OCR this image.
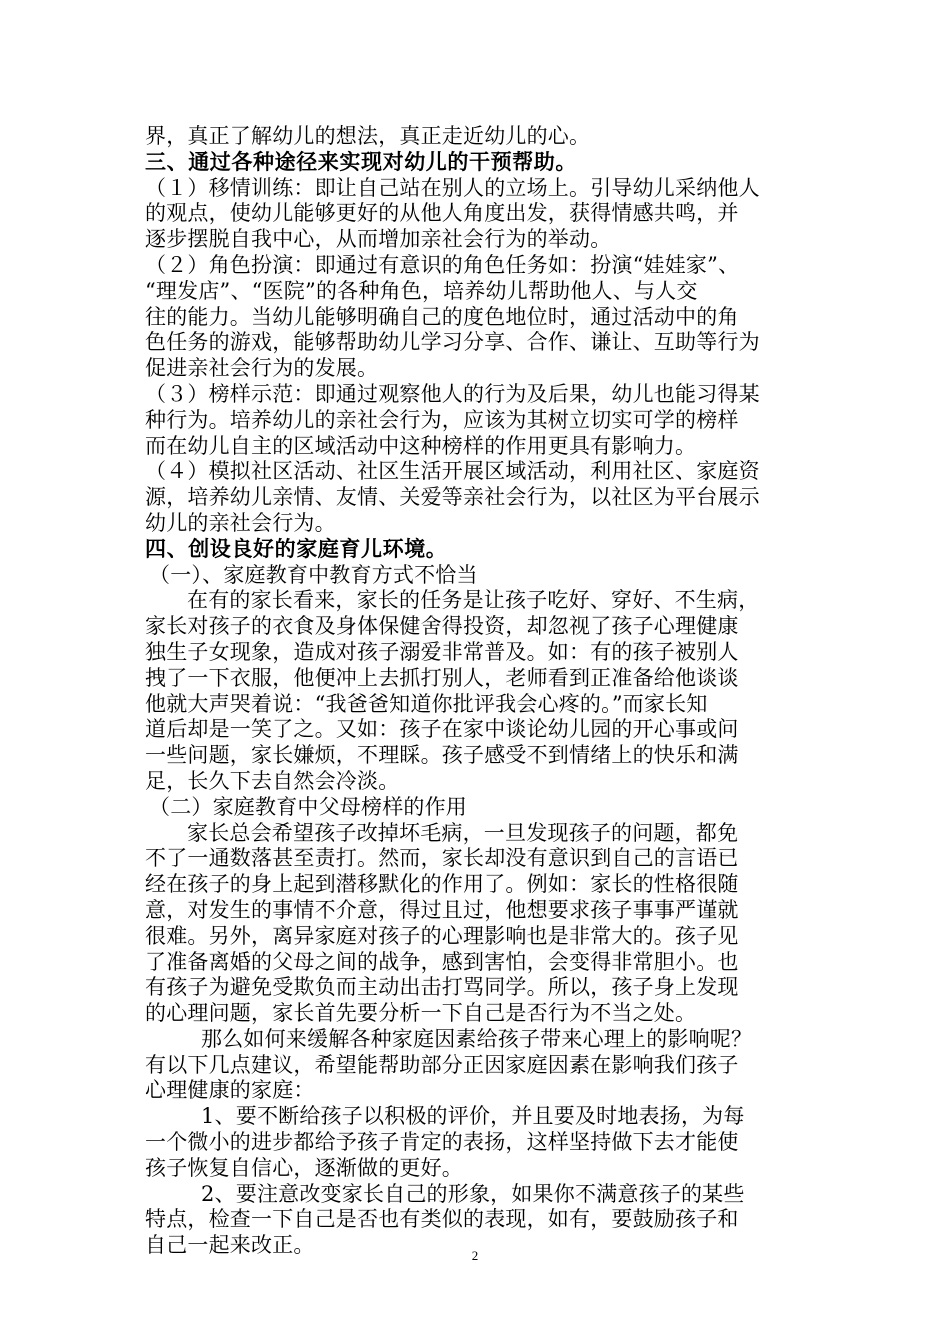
界，真正了解幼儿的想法，真正走近幼儿的心。
三、通过各种途径来实现对幼儿的干预帮助。
（１）移情训练：即让自己站在别人的立场上。引导幼儿采纳他人
的观点，使幼儿能够更好的从他人角度出发，获得情感共鸣，并
逐步摆脱自我中心，从而增加亲社会行为的举动。
（２）角色扮演：即通过有意识的角色任务如：扮演“娃娃家”、
“理发店”、“医院”的各种角色，培养幼儿帮助他人、与人交
往的能力。当幼儿能够明确自己的度色地位时，通过活动中的角
色任务的游戏，能够帮助幼儿学习分享、合作、谦让、互助等行为
促进亲社会行为的发展。
（３）榜样示范：即通过观察他人的行为及后果，幼儿也能习得某
种行为。培养幼儿的亲社会行为，应该为其树立切实可学的榜样
而在幼儿自主的区域活动中这种榜样的作用更具有影响力。
（４）模拟社区活动、社区生活开展区域活动，利用社区、家庭资
源，培养幼儿亲情、友情、关爱等亲社会行为，以社区为平台展示
幼儿的亲社会行为。
四、创设良好的家庭育儿环境。
（一）、家庭教育中教育方式不恰当
在有的家长看来，家长的任务是让孩子吃好、穿好、不生病，
家长对孩子的衣食及身体保健舍得投资，却忽视了孩子心理健康
独生子女现象，造成对孩子溺爱非常普及。如：有的孩子被别人
拽了一下衣服，他便冲上去抓打别人，老师看到正准备给他谈谈
他就大声哭着说：“我爸爸知道你批评我会心疼的。”而家长知
道后却是一笑了之。又如：孩子在家中谈论幼儿园的开心事或问
一些问题，家长嫌烦，不理睬。孩子感受不到情绪上的快乐和满
足，长久下去自然会冷淡。
（二）家庭教育中父母榜样的作用
家长总会希望孩子改掉坏毛病，一旦发现孩子的问题，都免
不了一通数落甚至责打。然而，家长却没有意识到自己的言语已
经在孩子的身上起到潜移默化的作用了。例如：家长的性格很随
意，对发生的事情不介意，得过且过，他想要求孩子事事严谨就
很难。另外，离异家庭对孩子的心理影响也是非常大的。孩子见
了准备离婚的父母之间的战争，感到害怕，会变得非常胆小。也
有孩子为避免受欺负而主动出击打骂同学。所以，孩子身上发现
的心理问题，家长首先要分析一下自己是否行为不当之处。
那么如何来缓解各种家庭因素给孩子带来心理上的影响呢？
有以下几点建议，希望能帮助部分正因家庭因素在影响我们孩子
心理健康的家庭：
1、要不断给孩子以积极的评价，并且要及时地表扬，为每
一个微小的进步都给予孩子肯定的表扬，这样坚持做下去才能使
孩子恢复自信心，逐渐做的更好。
2、要注意改变家长自己的形象，如果你不满意孩子的某些
特点，检查一下自己是否也有类似的表现，如有，要鼓励孩子和
自己一起来改正。	2
